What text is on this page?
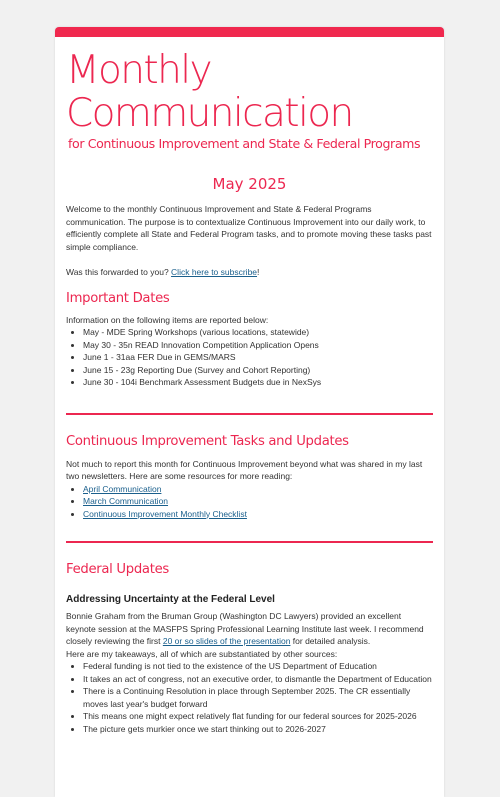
Monthly
Communication
for Continuous Improvement and State & Federal Programs
May 2025

Welcome to the monthly Continuous Improvement and State & Federal Programs communication. The purpose is to contextualize Continuous Improvement into our daily work, to efficiently complete all State and Federal Program tasks, and to promote moving these tasks past simple compliance.

Was this forwarded to you? Click here to subscribe!

Important Dates

Information on the following items are reported below:

• May - MDE Spring Workshops (various locations, statewide)
• May 30 - 35n READ Innovation Competition Application Opens
• June 1 - 31aa FER Due in GEMS/MARS
• June 15 - 23g Reporting Due (Survey and Cohort Reporting)
• June 30 - 104i Benchmark Assessment Budgets due in NexSys
Continuous Improvement Tasks and Updates

Not much to report this month for Continuous Improvement beyond what was shared in my last two newsletters. Here are some resources for more reading:

• April Communication
• March Communication
• Continuous Improvement Monthly Checklist
Federal Updates

Addressing Uncertainty at the Federal Level

Bonnie Graham from the Bruman Group (Washington DC Lawyers) provided an excellent keynote session at the MASFPS Spring Professional Learning Institute last week. I recommend closely reviewing the first 20 or so slides of the presentation for detailed analysis.

Here are my takeaways, all of which are substantiated by other sources:

• Federal funding is not tied to the existence of the US Department of Education
• It takes an act of congress, not an executive order, to dismantle the Department of Education
• There is a Continuing Resolution in place through September 2025. The CR essentially moves last year's budget forward
• This means one might expect relatively flat funding for our federal sources for 2025-2026
• The picture gets murkier once we start thinking out to 2026-2027
